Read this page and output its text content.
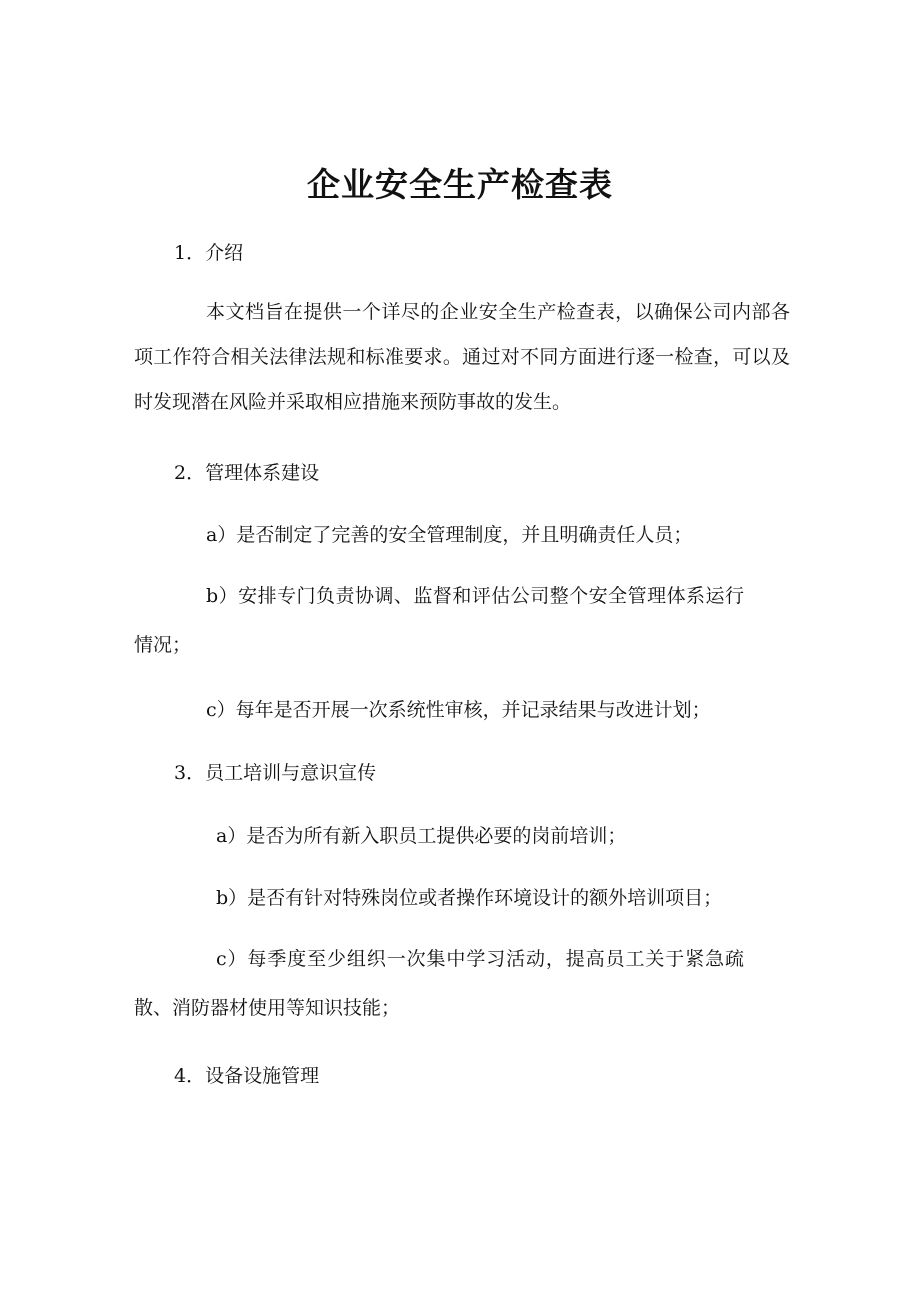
企业安全生产检查表
1．介绍
本文档旨在提供一个详尽的企业安全生产检查表，以确保公司内部各项工作符合相关法律法规和标准要求。通过对不同方面进行逐一检查，可以及时发现潜在风险并采取相应措施来预防事故的发生。
2．管理体系建设
a）是否制定了完善的安全管理制度，并且明确责任人员；
b）安排专门负责协调、监督和评估公司整个安全管理体系运行情况；
c）每年是否开展一次系统性审核，并记录结果与改进计划；
3．员工培训与意识宣传
a）是否为所有新入职员工提供必要的岗前培训；
b）是否有针对特殊岗位或者操作环境设计的额外培训项目；
c）每季度至少组织一次集中学习活动，提高员工关于紧急疏散、消防器材使用等知识技能；
4．设备设施管理
